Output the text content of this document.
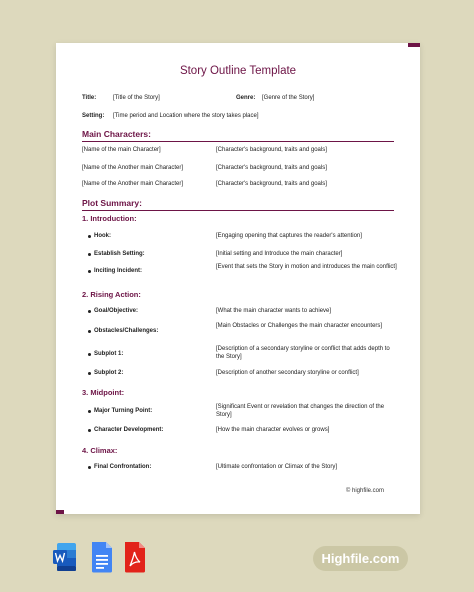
Story Outline Template
Title:	[Title of the Story]	Genre: [Genre of the Story]
Setting: [Time period and Location where the story takes place]
Main Characters:
[Name of the main Character]	[Character's background, traits and goals]
[Name of the Another main Character]	[Character's background, traits and goals]
[Name of the Another main Character]	[Character's background, traits and goals]
Plot Summary:
1. Introduction:
Hook:	[Engaging opening that captures the reader's attention]
Establish Setting:	[Initial setting and Introduce the main character]
Inciting Incident:
[Event that sets the Story in motion and introduces the main conflict]
2. Rising Action:
Goal/Objective:	[What the main character wants to achieve]
Obstacles/Challenges:
[Main Obstacles or Challenges the main character encounters]
Subplot 1:
[Description of a secondary storyline or conflict that adds depth to the Story]
Subplot 2:	[Description of another secondary storyline or conflict]
3. Midpoint:
Major Turning Point:
[Significant Event or revelation that changes the direction of the Story]
Character Development:	[How the main character evolves or grows]
4. Climax:
Final Confrontation:	[Ultimate confrontation or Climax of the Story]
© highfile.com
Highfile.com
